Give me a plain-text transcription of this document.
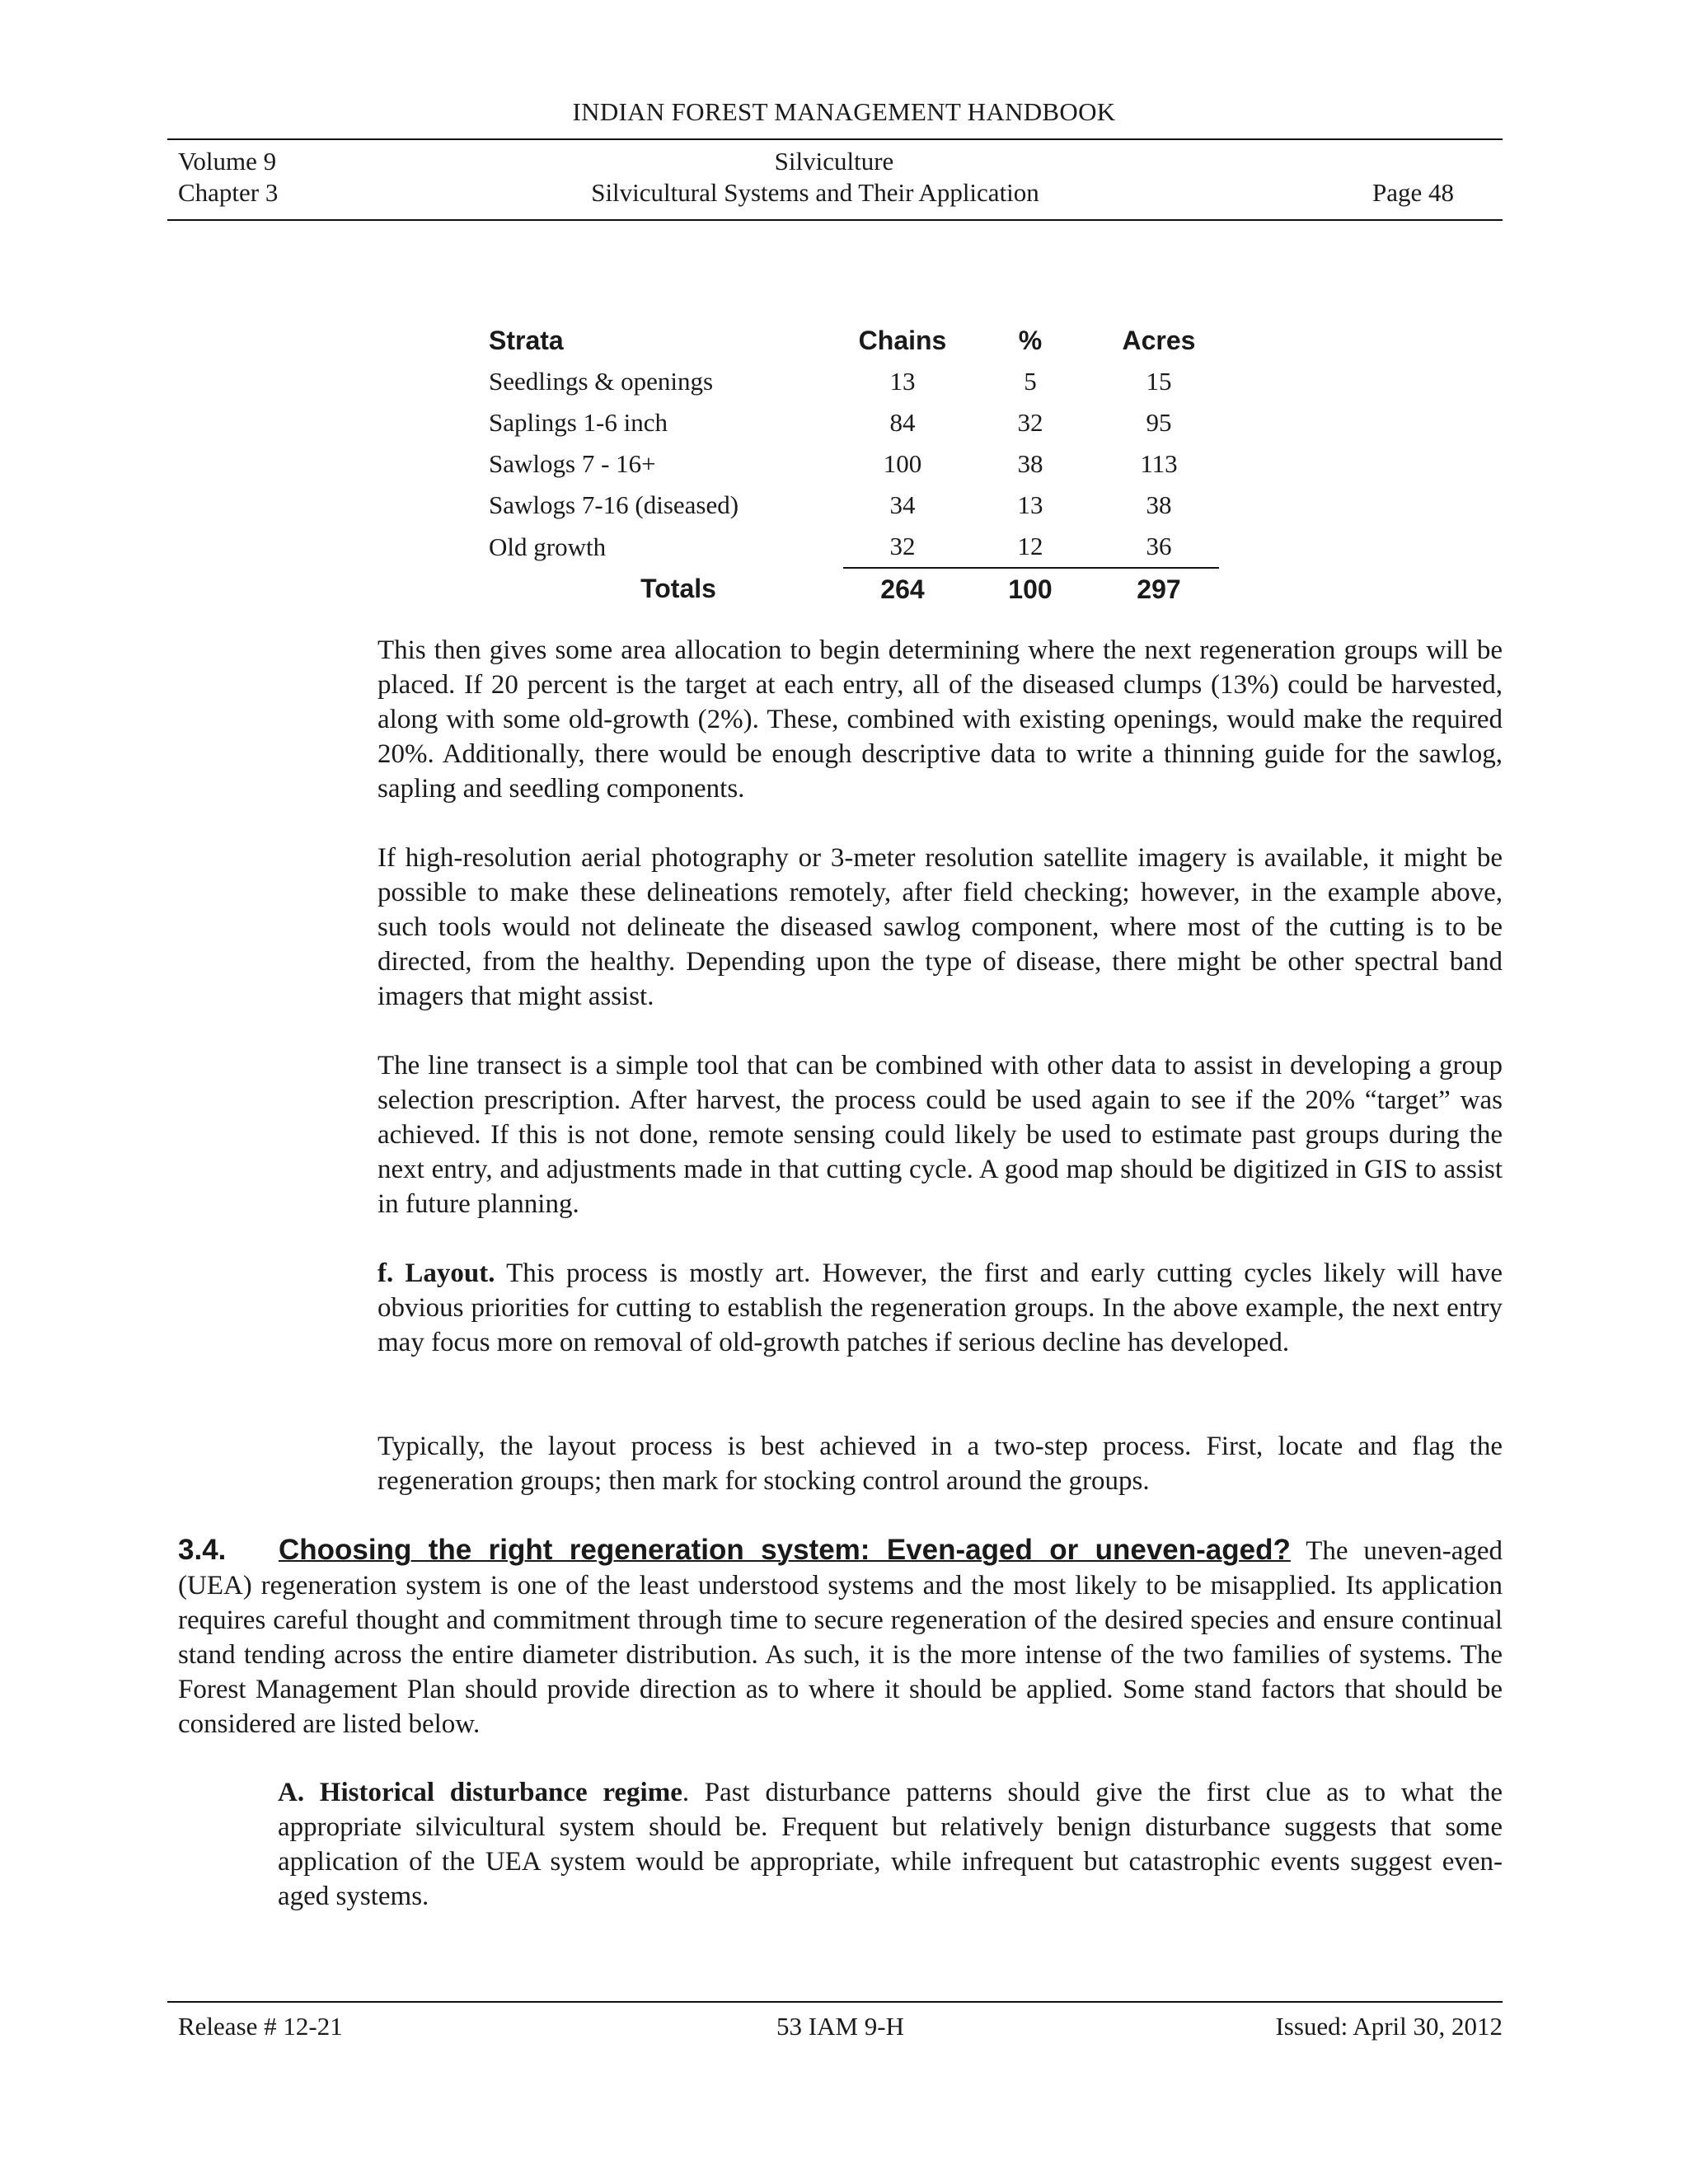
INDIAN FOREST MANAGEMENT HANDBOOK
Volume 9	Silviculture
Chapter 3	Silvicultural Systems and Their Application	Page 48
Strata	Chains	%	Acres
Seedlings & openings	13	5	15
Saplings 1-6 inch	84	32	95
Sawlogs 7 - 16+	100	38	113
Sawlogs 7-16 (diseased)	34	13	38
Old growth	32	12	36
Totals	264	100	297

This then gives some area allocation to begin determining where the next regeneration groups will be placed. If 20 percent is the target at each entry, all of the diseased clumps (13%) could be harvested, along with some old-growth (2%). These, combined with existing openings, would make the required 20%. Additionally, there would be enough descriptive data to write a thinning guide for the sawlog, sapling and seedling components.

If high-resolution aerial photography or 3-meter resolution satellite imagery is available, it might be possible to make these delineations remotely, after field checking; however, in the example above, such tools would not delineate the diseased sawlog component, where most of the cutting is to be directed, from the healthy. Depending upon the type of disease, there might be other spectral band imagers that might assist.

The line transect is a simple tool that can be combined with other data to assist in developing a group selection prescription. After harvest, the process could be used again to see if the 20% “target” was achieved. If this is not done, remote sensing could likely be used to estimate past groups during the next entry, and adjustments made in that cutting cycle. A good map should be digitized in GIS to assist in future planning.

f. Layout. This process is mostly art. However, the first and early cutting cycles likely will have obvious priorities for cutting to establish the regeneration groups. In the above example, the next entry may focus more on removal of old-growth patches if serious decline has developed.

Typically, the layout process is best achieved in a two-step process. First, locate and flag the regeneration groups; then mark for stocking control around the groups.

3.4. Choosing the right regeneration system: Even-aged or uneven-aged? The uneven-aged (UEA) regeneration system is one of the least understood systems and the most likely to be misapplied. Its application requires careful thought and commitment through time to secure regeneration of the desired species and ensure continual stand tending across the entire diameter distribution. As such, it is the more intense of the two families of systems. The Forest Management Plan should provide direction as to where it should be applied. Some stand factors that should be considered are listed below.

A. Historical disturbance regime. Past disturbance patterns should give the first clue as to what the appropriate silvicultural system should be. Frequent but relatively benign disturbance suggests that some application of the UEA system would be appropriate, while infrequent but catastrophic events suggest even-aged systems.

Release # 12-21	53 IAM 9-H	Issued: April 30, 2012
